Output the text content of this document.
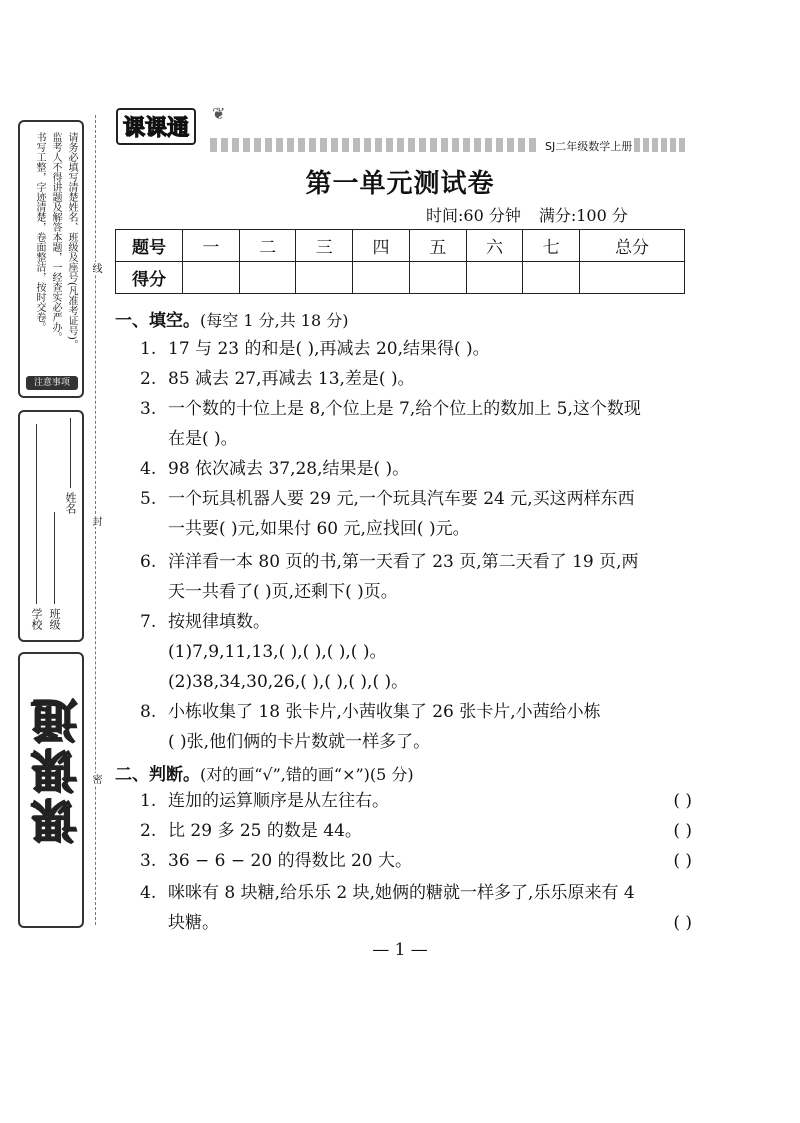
请务必填写清楚姓名、班级及座号(凡准考证号)。
监考人不得讲题及解答本题，一经查实必严办。
书写工整，字迹清楚，卷面整洁，按时交卷。
注意事项
姓名
学校 班级
课课通
线
封
密
课课通
❦
SJ二年级数学上册
第一单元测试卷
时间:60 分钟 满分:100 分
题号	一	二	三	四	五	六	七	总分
得分								
一、填空。(每空 1 分,共 18 分)
1. 17 与 23 的和是( ),再减去 20,结果得( )。
2. 85 减去 27,再减去 13,差是( )。
3. 一个数的十位上是 8,个位上是 7,给个位上的数加上 5,这个数现
在是( )。
4. 98 依次减去 37,28,结果是( )。
5. 一个玩具机器人要 29 元,一个玩具汽车要 24 元,买这两样东西
一共要( )元,如果付 60 元,应找回( )元。
6. 洋洋看一本 80 页的书,第一天看了 23 页,第二天看了 19 页,两
天一共看了( )页,还剩下( )页。
7. 按规律填数。
(1)7,9,11,13,( ),( ),( ),( )。
(2)38,34,30,26,( ),( ),( ),( )。
8. 小栋收集了 18 张卡片,小茜收集了 26 张卡片,小茜给小栋
( )张,他们俩的卡片数就一样多了。
二、判断。(对的画“√”,错的画“×”)(5 分)
1. 连加的运算顺序是从左往右。	( )
2. 比 29 多 25 的数是 44。	( )
3. 36 − 6 − 20 的得数比 20 大。	( )
4. 咪咪有 8 块糖,给乐乐 2 块,她俩的糖就一样多了,乐乐原来有 4
块糖。	( )
— 1 —
